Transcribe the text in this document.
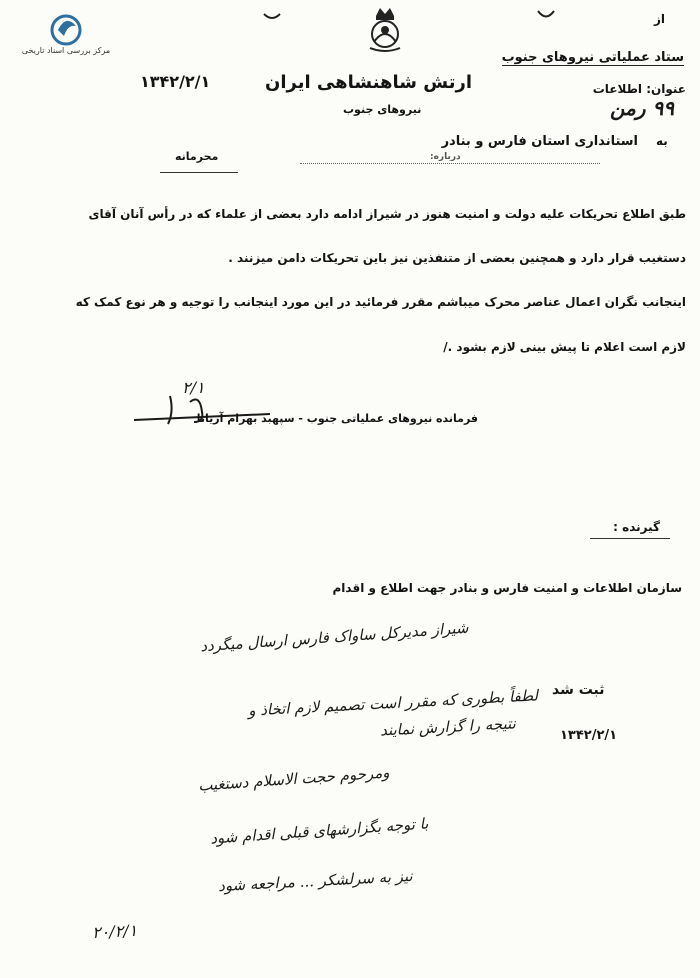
مرکز بررسی اسناد تاریخی
از
ستاد عملیاتی نیروهای جنوب
عنوان: اطلاعات
۹۹ رمن
ارتش شاهنشاهی ایران
نیروهای جنوب
۱۳۴۲/۲/۱
به
استانداری استان فارس و بنادر
درباره:
محرمانه
طبق اطلاع تحریکات علیه دولت و امنیت هنوز در شیراز ادامه دارد بعضی از علماء که در رأس آنان آقای
دستغیب قرار دارد و همچنین بعضی از متنفذین نیز باین تحریکات دامن میزنند .
اینجانب نگران اعمال عناصر محرک میباشم مقرر فرمائید در این مورد اینجانب را توجیه و هر نوع کمک که
لازم است اعلام تا پیش بینی لازم بشود ./
۲/۱
فرمانده نیروهای عملیاتی جنوب - سپهبد بهرام آریانا
گیرنده :
سازمان اطلاعات و امنیت فارس و بنادر جهت اطلاع و اقدام
ثبت شد
۱۳۴۲/۲/۱
شیراز مدیرکل ساواک فارس ارسال میگردد
لطفاً بطوری که مقرر است تصمیم لازم اتخاذ و
نتیجه را گزارش نمایند
ومرحوم حجت الاسلام دستغیب
با توجه بگزارشهای قبلی اقدام شود
نیز به سرلشکر ... مراجعه شود
۲۰/۲/۱
